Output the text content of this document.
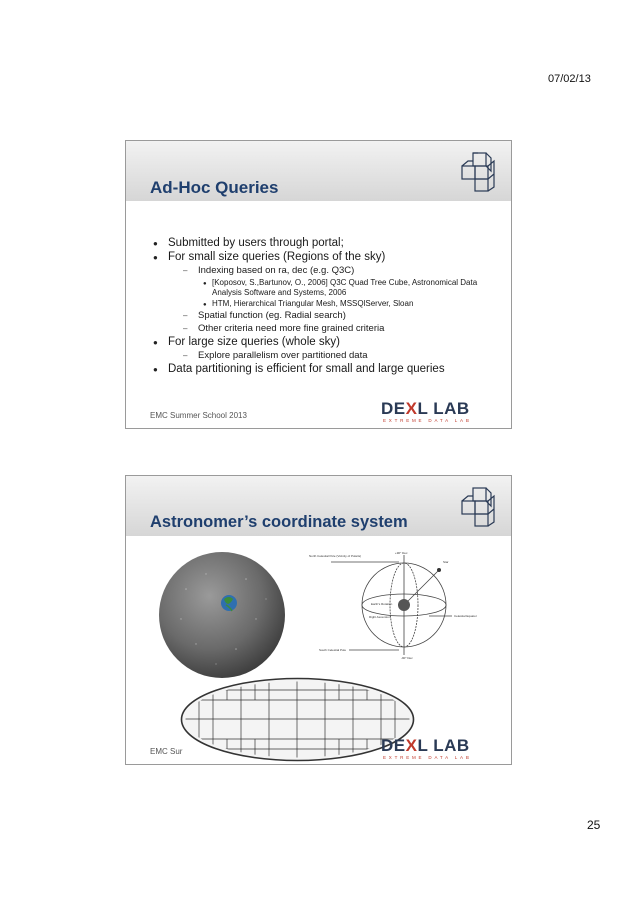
07/02/13
Ad-Hoc Queries
● Submitted by users through portal;
● For small size queries (Regions of the sky)
– Indexing based on ra, dec (e.g. Q3C)
● [Koposov, S.,Bartunov, O., 2006] Q3C Quad Tree Cube, Astronomical Data Analysis Software and Systems, 2006
● HTM, Hierarchical Triangular Mesh, MSSQlServer, Sloan
– Spatial function (eg. Radial search)
– Other criteria need more fine grained criteria
● For large size queries (whole sky)
– Explore parallelism over partitioned data
● Data partitioning is efficient for small and large queries
EMC Summer School 2013	DEXL LAB
EXTREME DATA LAB
Astronomer’s coordinate system
North Celestial Pole (Vicinity of Polaris)
+90° Dec
Star
Earth's Rotation
Right Ascension	Celestial Equator
South Celestial Pole
-90° Dec
EMC Sur	DEXL LAB
EXTREME DATA LAB
25
